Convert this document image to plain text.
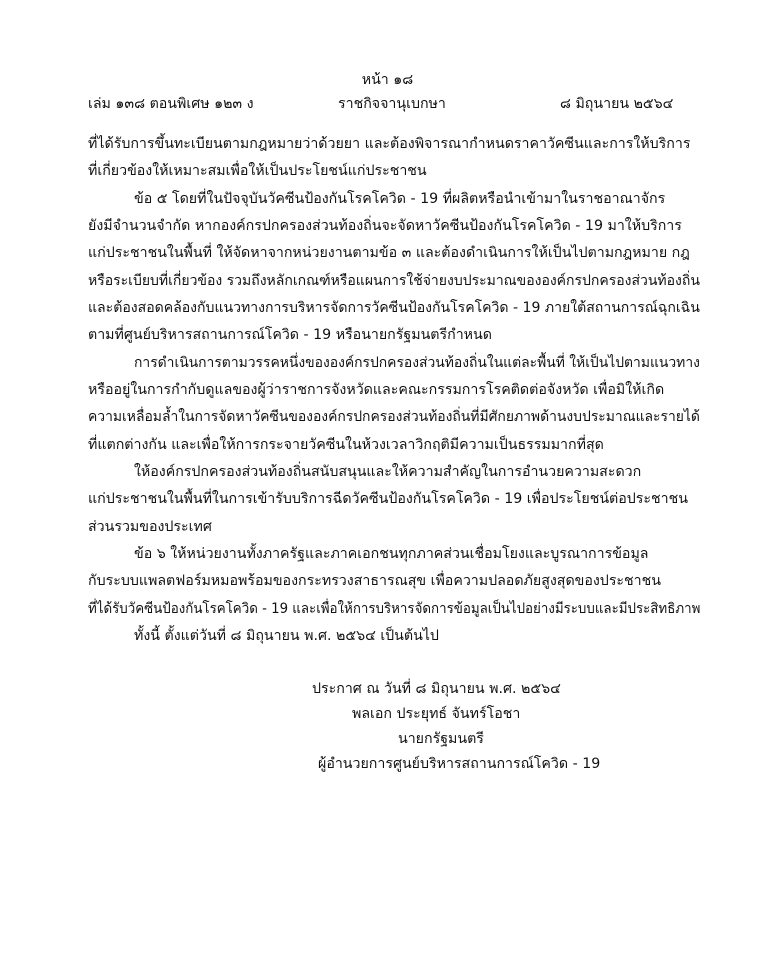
หน้า ๑๘
เล่ม ๑๓๘ ตอนพิเศษ ๑๒๓ ง	ราชกิจจานุเบกษา	๘ มิถุนายน ๒๕๖๔
ที่ได้รับการขึ้นทะเบียนตามกฎหมายว่าด้วยยา และต้องพิจารณากำหนดราคาวัคซีนและการให้บริการ
ที่เกี่ยวข้องให้เหมาะสมเพื่อให้เป็นประโยชน์แก่ประชาชน
ข้อ ๕ โดยที่ในปัจจุบันวัคซีนป้องกันโรคโควิด - 19 ที่ผลิตหรือนำเข้ามาในราชอาณาจักร
ยังมีจำนวนจำกัด หากองค์กรปกครองส่วนท้องถิ่นจะจัดหาวัคซีนป้องกันโรคโควิด - 19 มาให้บริการ
แก่ประชาชนในพื้นที่ ให้จัดหาจากหน่วยงานตามข้อ ๓ และต้องดำเนินการให้เป็นไปตามกฎหมาย กฎ
หรือระเบียบที่เกี่ยวข้อง รวมถึงหลักเกณฑ์หรือแผนการใช้จ่ายงบประมาณขององค์กรปกครองส่วนท้องถิ่น
และต้องสอดคล้องกับแนวทางการบริหารจัดการวัคซีนป้องกันโรคโควิด - 19 ภายใต้สถานการณ์ฉุกเฉิน
ตามที่ศูนย์บริหารสถานการณ์โควิด - 19 หรือนายกรัฐมนตรีกำหนด
การดำเนินการตามวรรคหนึ่งขององค์กรปกครองส่วนท้องถิ่นในแต่ละพื้นที่ ให้เป็นไปตามแนวทาง
หรืออยู่ในการกำกับดูแลของผู้ว่าราชการจังหวัดและคณะกรรมการโรคติดต่อจังหวัด เพื่อมิให้เกิด
ความเหลื่อมล้ำในการจัดหาวัคซีนขององค์กรปกครองส่วนท้องถิ่นที่มีศักยภาพด้านงบประมาณและรายได้
ที่แตกต่างกัน และเพื่อให้การกระจายวัคซีนในห้วงเวลาวิกฤติมีความเป็นธรรมมากที่สุด
ให้องค์กรปกครองส่วนท้องถิ่นสนับสนุนและให้ความสำคัญในการอำนวยความสะดวก
แก่ประชาชนในพื้นที่ในการเข้ารับบริการฉีดวัคซีนป้องกันโรคโควิด - 19 เพื่อประโยชน์ต่อประชาชน
ส่วนรวมของประเทศ
ข้อ ๖ ให้หน่วยงานทั้งภาครัฐและภาคเอกชนทุกภาคส่วนเชื่อมโยงและบูรณาการข้อมูล
กับระบบแพลตฟอร์มหมอพร้อมของกระทรวงสาธารณสุข เพื่อความปลอดภัยสูงสุดของประชาชน
ที่ได้รับวัคซีนป้องกันโรคโควิด - 19 และเพื่อให้การบริหารจัดการข้อมูลเป็นไปอย่างมีระบบและมีประสิทธิภาพ
ทั้งนี้ ตั้งแต่วันที่ ๘ มิถุนายน พ.ศ. ๒๕๖๔ เป็นต้นไป
ประกาศ ณ วันที่ ๘ มิถุนายน พ.ศ. ๒๕๖๔
พลเอก ประยุทธ์ จันทร์โอชา
นายกรัฐมนตรี
ผู้อำนวยการศูนย์บริหารสถานการณ์โควิด - 19
